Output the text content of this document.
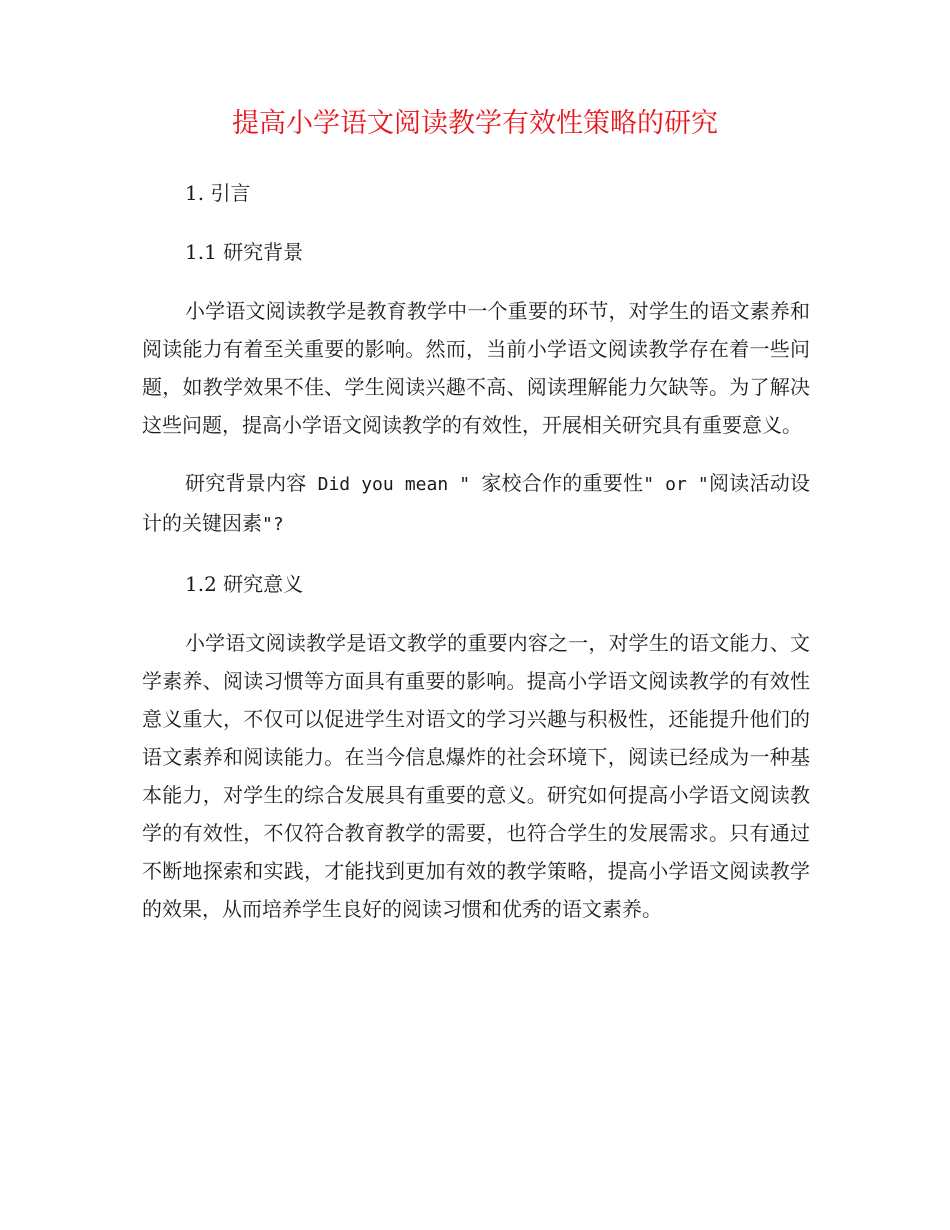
提高小学语文阅读教学有效性策略的研究

1. 引言

1.1 研究背景

小学语文阅读教学是教育教学中一个重要的环节，对学生的语文素养和阅读能力有着至关重要的影响。然而，当前小学语文阅读教学存在着一些问题，如教学效果不佳、学生阅读兴趣不高、阅读理解能力欠缺等。为了解决这些问题，提高小学语文阅读教学的有效性，开展相关研究具有重要意义。

研究背景内容 Did you mean " 家校合作的重要性" or "阅读活动设计的关键因素"?

1.2 研究意义

小学语文阅读教学是语文教学的重要内容之一，对学生的语文能力、文学素养、阅读习惯等方面具有重要的影响。提高小学语文阅读教学的有效性意义重大，不仅可以促进学生对语文的学习兴趣与积极性，还能提升他们的语文素养和阅读能力。在当今信息爆炸的社会环境下，阅读已经成为一种基本能力，对学生的综合发展具有重要的意义。研究如何提高小学语文阅读教学的有效性，不仅符合教育教学的需要，也符合学生的发展需求。只有通过不断地探索和实践，才能找到更加有效的教学策略，提高小学语文阅读教学的效果，从而培养学生良好的阅读习惯和优秀的语文素养。
